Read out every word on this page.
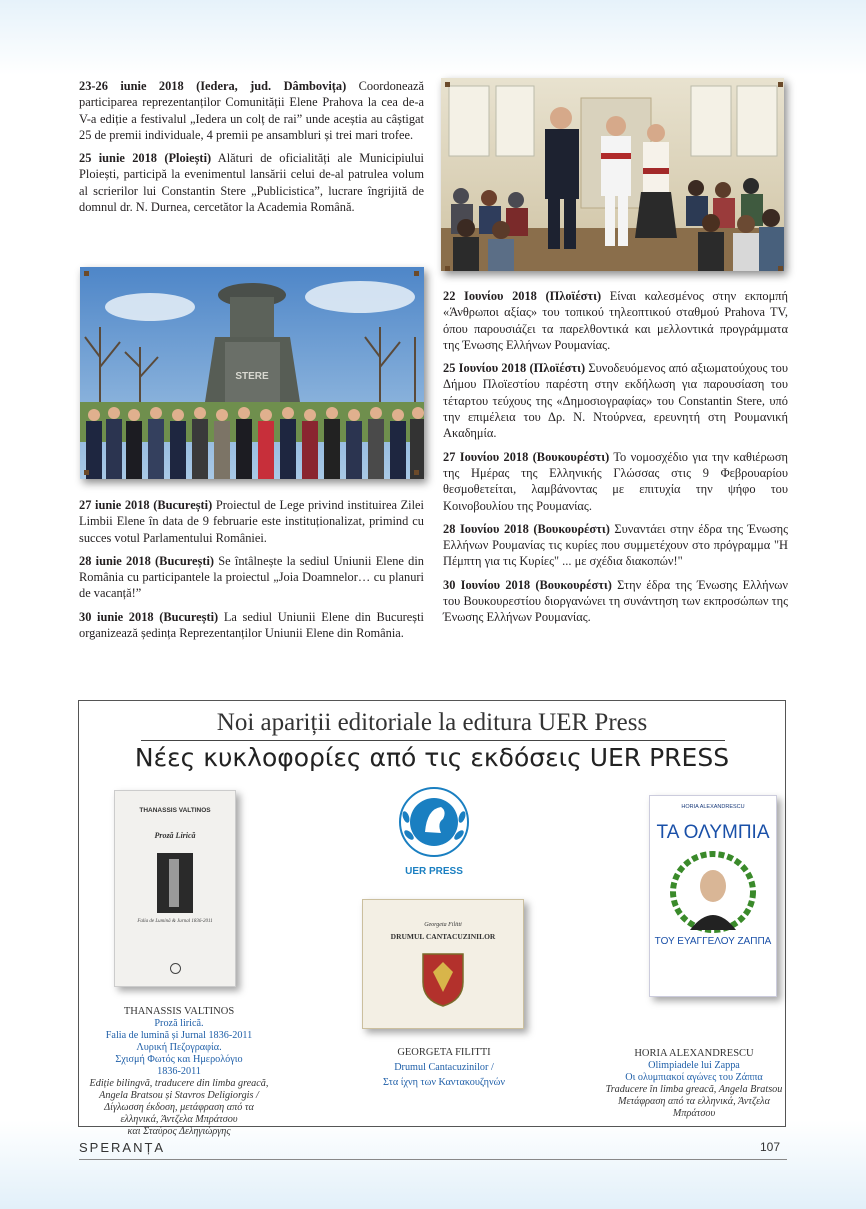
23-26 iunie 2018 (Iedera, jud. Dâmbovița) Coordonează participarea reprezentanților Comunității Elene Prahova la cea de-a V-a ediție a festivalul „Iedera un colț de rai” unde aceștia au câștigat 25 de premii individuale, 4 premii pe ansambluri și trei mari trofee.

25 iunie 2018 (Ploiești) Alături de oficialități ale Municipiului Ploiești, participă la evenimentul lansării celui de-al patrulea volum al scrierilor lui Constantin Stere „Publicistica”, lucrare îngrijită de domnul dr. N. Durnea, cercetător la Academia Română.

STERE

22 Ιουνίου 2018 (Πλοϊέστι) Είναι καλεσμένος στην εκπομπή «Άνθρωποι αξίας» του τοπικού τηλεοπτικού σταθμού Prahova TV, όπου παρουσιάζει τα παρελθοντικά και μελλοντικά προγράμματα της Ένωσης Ελλήνων Ρουμανίας.

25 Ιουνίου 2018 (Πλοϊέστι) Συνοδευόμενος από αξιωματούχους του Δήμου Πλοϊεστίου παρέστη στην εκδήλωση για παρουσίαση του τέταρτου τεύχους της «Δημοσιογραφίας» του Constantin Stere, υπό την επιμέλεια του Δρ. Ν. Ντούρνεα, ερευνητή στη Ρουμανική Ακαδημία.

27 Ιουνίου 2018 (Βουκουρέστι) Το νομοσχέδιο για την καθιέρωση της Ημέρας της Ελληνικής Γλώσσας στις 9 Φεβρουαρίου θεσμοθετείται, λαμβάνοντας με επιτυχία την ψήφο του Κοινοβουλίου της Ρουμανίας.

28 Ιουνίου 2018 (Βουκουρέστι) Συναντάει στην έδρα της Ένωσης Ελλήνων Ρουμανίας τις κυρίες που συμμετέχουν στο πρόγραμμα "Η Πέμπτη για τις Κυρίες" ... με σχέδια διακοπών!"

30 Ιουνίου 2018 (Βουκουρέστι) Στην έδρα της Ένωσης Ελλήνων του Βουκουρεστίου διοργανώνει τη συνάντηση των εκπροσώπων της Ένωσης Ελλήνων Ρουμανίας.

27 iunie 2018 (București) Proiectul de Lege privind instituirea Zilei Limbii Elene în data de 9 februarie este instituționalizat, primind cu succes votul Parlamentului României.

28 iunie 2018 (București) Se întâlnește la sediul Uniunii Elene din România cu participantele la proiectul „Joia Doamnelor… cu planuri de vacanță!”

30 iunie 2018 (București) La sediul Uniunii Elene din București organizează ședința Reprezentanților Uniunii Elene din România.

Noi apariții editoriale la editura UER Press
Νέες κυκλοφορίες από τις εκδόσεις UER PRESS
THANASSIS VALTINOS
Proză Lirică
Falia de Lumină & Jurnal 1836-2011
UER PRESS
Georgeta Filitti
DRUMUL CANTACUZINILOR
HORIA ALEXANDRESCU
ΤΑ ΟΛΥΜΠΙΑ
ΤΟΥ ΕΥΑΓΓΕΛΟΥ ΖΑΠΠΑ
THANASSIS VALTINOS
Proză lirică.
Falia de lumină și Jurnal 1836-2011
Λυρική Πεζογραφία.
Σχισμή Φωτός και Ημερολόγιο
1836-2011
Ediție bilingvă, traducere din limba greacă,
Angela Bratsou și Stavros Deligiorgis /
Δίγλωσση έκδοση, μετάφραση από τα
ελληνικά, Άντζελα Μπράτσου
και Σταύρος Δεληγιώργης
GEORGETA FILITTI
Drumul Cantacuzinilor /
Στα ίχνη των Καντακουζηνών
HORIA ALEXANDRESCU
Olimpiadele lui Zappa
Οι ολυμπιακοί αγώνες του Ζάππα
Traducere în limba greacă, Angela Bratsou
Μετάφραση από τα ελληνικά, Άντζελα
Μπράτσου
SPERANȚA	107
